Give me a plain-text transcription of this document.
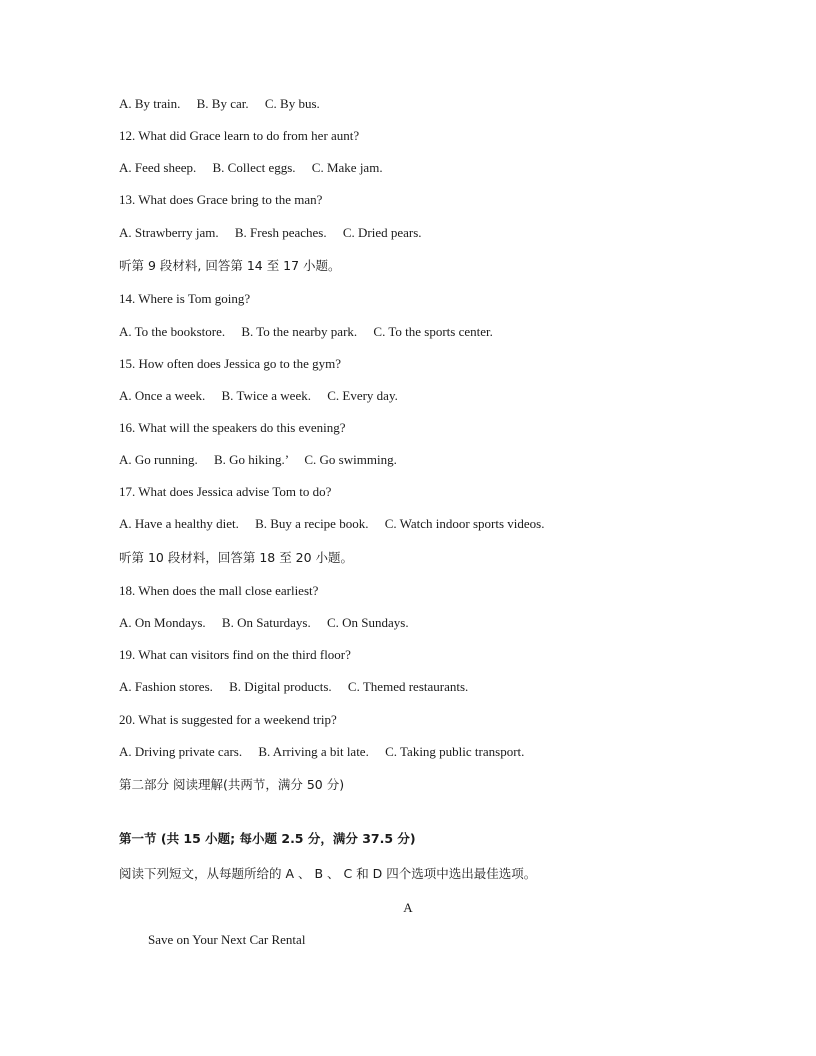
A. By train.     B. By car.     C. By bus.
12. What did Grace learn to do from her aunt?
A. Feed sheep.     B. Collect eggs.     C. Make jam.
13. What does Grace bring to the man?
A. Strawberry jam.     B. Fresh peaches.     C. Dried pears.
听第 9 段材料, 回答第 14 至 17 小题。
14. Where is Tom going?
A. To the bookstore.     B. To the nearby park.     C. To the sports center.
15. How often does Jessica go to the gym?
A. Once a week.     B. Twice a week.     C. Every day.
16. What will the speakers do this evening?
A. Go running.     B. Go hiking.’     C. Go swimming.
17. What does Jessica advise Tom to do?
A. Have a healthy diet.     B. Buy a recipe book.     C. Watch indoor sports videos.
听第 10 段材料，回答第 18 至 20 小题。
18. When does the mall close earliest?
A. On Mondays.     B. On Saturdays.     C. On Sundays.
19. What can visitors find on the third floor?
A. Fashion stores.     B. Digital products.     C. Themed restaurants.
20. What is suggested for a weekend trip?
A. Driving private cars.     B. Arriving a bit late.     C. Taking public transport.
第二部分 阅读理解(共两节，满分 50 分)
第一节 (共 15 小题; 每小题 2.5 分，满分 37.5 分)
阅读下列短文，从每题所给的 A 、 B 、 C 和 D 四个选项中选出最佳选项。
A
Save on Your Next Car Rental
